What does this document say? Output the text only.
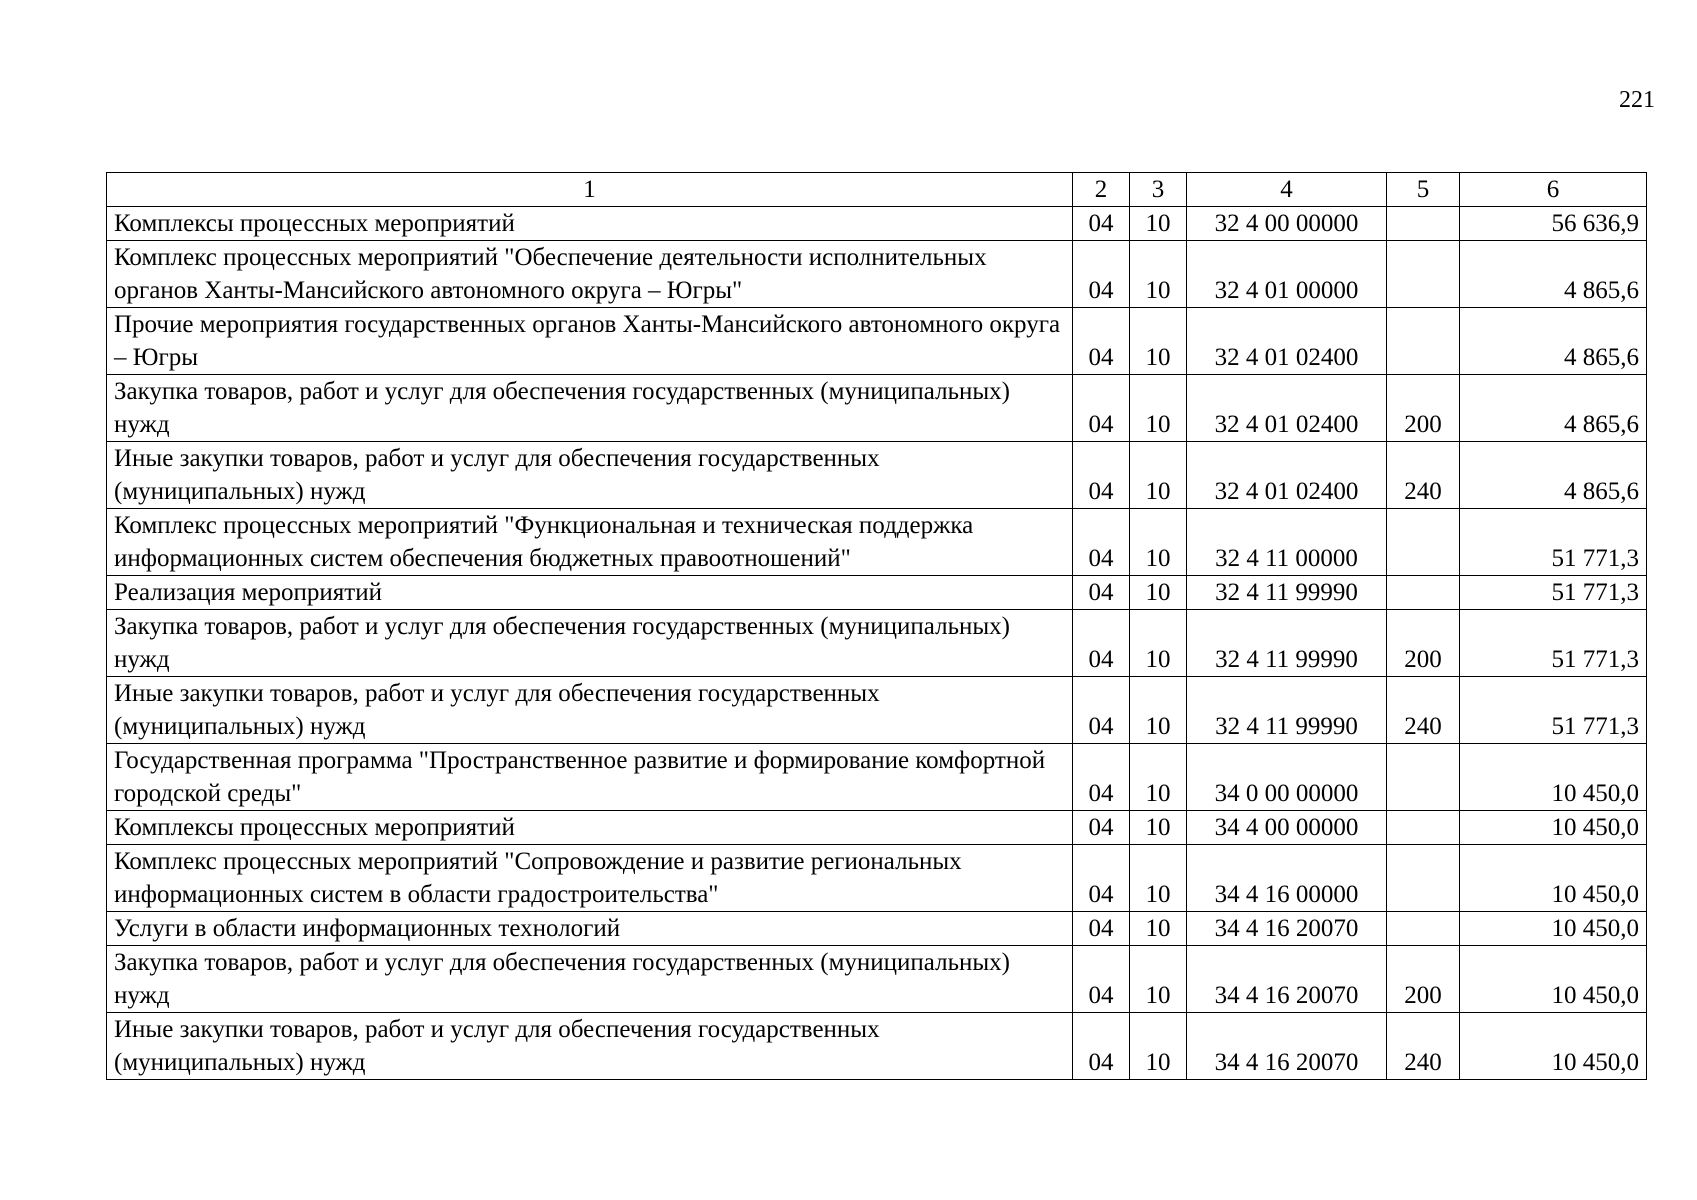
221
1	2	3	4	5	6
Комплексы процессных мероприятий	04	10	32 4 00 00000		56 636,9
Комплекс процессных мероприятий "Обеспечение деятельности исполнительных органов Ханты-Мансийского автономного округа – Югры"	04	10	32 4 01 00000		4 865,6
Прочие мероприятия государственных органов Ханты-Мансийского автономного округа – Югры	04	10	32 4 01 02400		4 865,6
Закупка товаров, работ и услуг для обеспечения государственных (муниципальных) нужд	04	10	32 4 01 02400	200	4 865,6
Иные закупки товаров, работ и услуг для обеспечения государственных (муниципальных) нужд	04	10	32 4 01 02400	240	4 865,6
Комплекс процессных мероприятий "Функциональная и техническая поддержка информационных систем обеспечения бюджетных правоотношений"	04	10	32 4 11 00000		51 771,3
Реализация мероприятий	04	10	32 4 11 99990		51 771,3
Закупка товаров, работ и услуг для обеспечения государственных (муниципальных) нужд	04	10	32 4 11 99990	200	51 771,3
Иные закупки товаров, работ и услуг для обеспечения государственных (муниципальных) нужд	04	10	32 4 11 99990	240	51 771,3
Государственная программа "Пространственное развитие и формирование комфортной городской среды"	04	10	34 0 00 00000		10 450,0
Комплексы процессных мероприятий	04	10	34 4 00 00000		10 450,0
Комплекс процессных мероприятий "Сопровождение и развитие региональных информационных систем в области градостроительства"	04	10	34 4 16 00000		10 450,0
Услуги в области информационных технологий	04	10	34 4 16 20070		10 450,0
Закупка товаров, работ и услуг для обеспечения государственных (муниципальных) нужд	04	10	34 4 16 20070	200	10 450,0
Иные закупки товаров, работ и услуг для обеспечения государственных (муниципальных) нужд	04	10	34 4 16 20070	240	10 450,0
